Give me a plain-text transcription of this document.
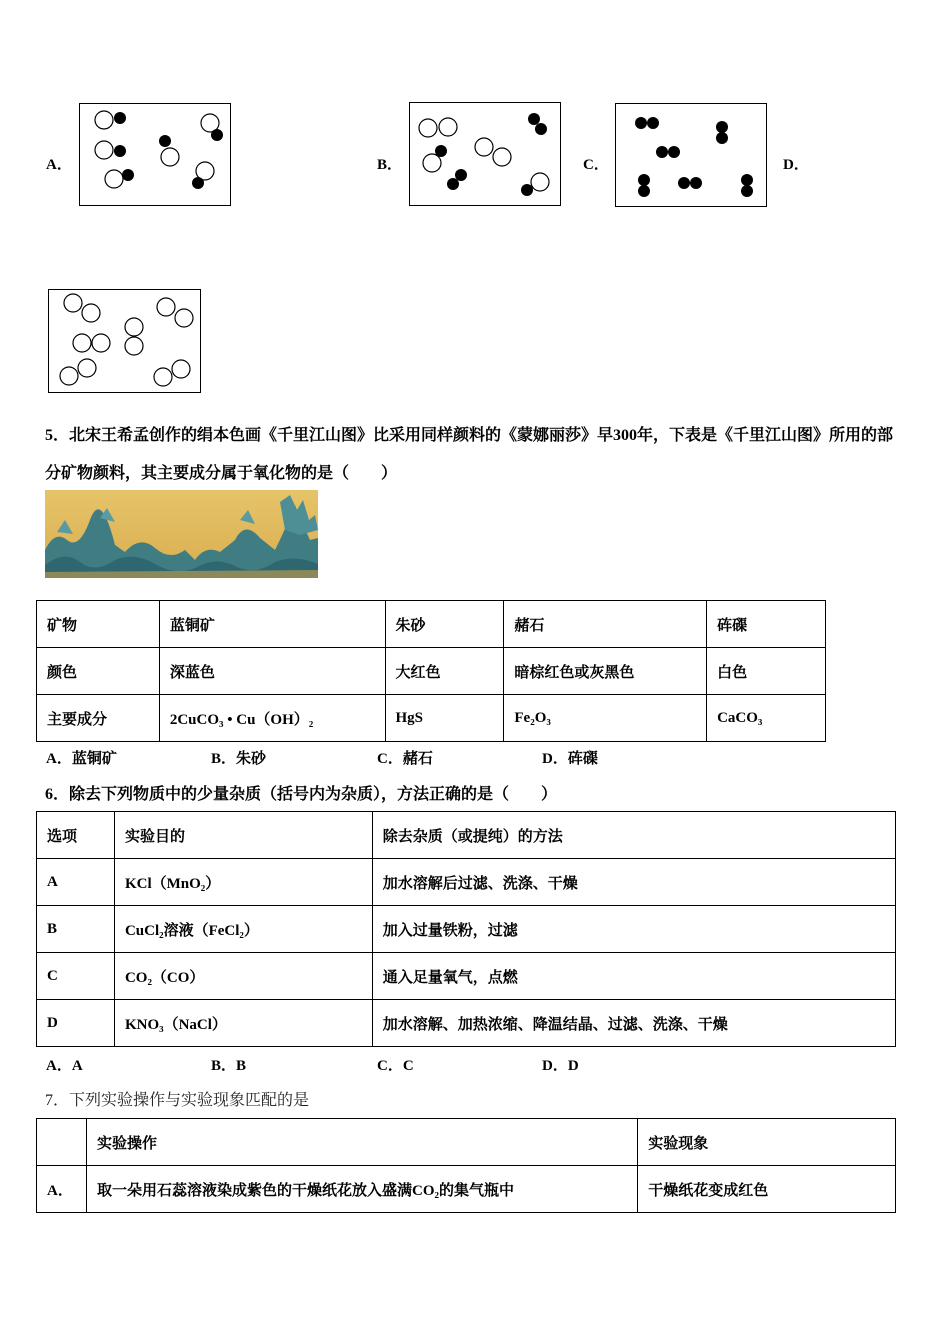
A．	B．	C．	D．
5．北宋王希孟创作的绢本色画《千里江山图》比采用同样颜料的《蒙娜丽莎》早300年，下表是《千里江山图》所用的部
分矿物颜料，其主要成分属于氧化物的是（　　）
矿物	蓝铜矿	朱砂	赭石	砗磲
颜色	深蓝色	大红色	暗棕红色或灰黑色	白色
主要成分	2CuCO₃ • Cu（OH）₂	HgS	Fe₂O₃	CaCO₃
A．蓝铜矿	B．朱砂	C．赭石	D．砗磲
6．除去下列物质中的少量杂质（括号内为杂质），方法正确的是（　　）
选项	实验目的	除去杂质（或提纯）的方法
A	KCl（MnO₂）	加水溶解后过滤、洗涤、干燥
B	CuCl₂溶液（FeCl₂）	加入过量铁粉，过滤
C	CO₂（CO）	通入足量氧气，点燃
D	KNO₃（NaCl）	加水溶解、加热浓缩、降温结晶、过滤、洗涤、干燥
A．A	B．B	C．C	D．D
7．下列实验操作与实验现象匹配的是
	实验操作	实验现象
A．	取一朵用石蕊溶液染成紫色的干燥纸花放入盛满CO₂的集气瓶中	干燥纸花变成红色
